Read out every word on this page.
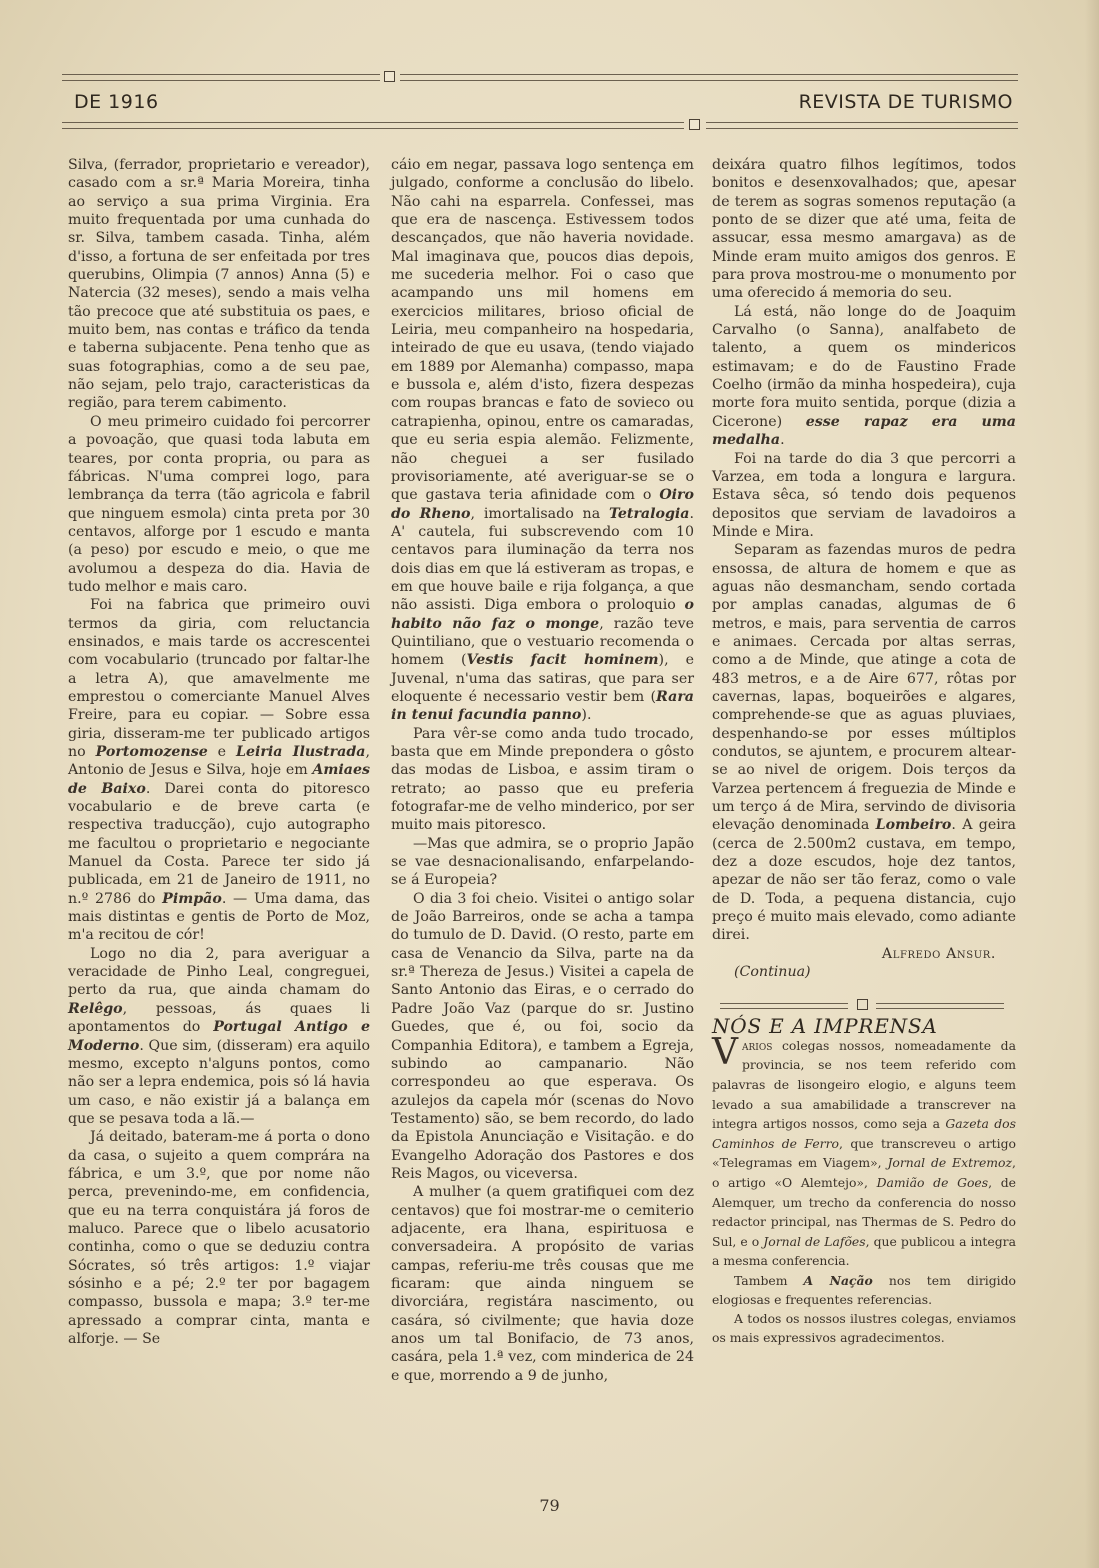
DE 1916	REVISTA DE TURISMO

Silva, (ferrador, proprietario e vereador), casado com a sr.ª Maria Moreira, tinha ao serviço a sua prima Virginia. Era muito frequentada por uma cunhada do sr. Silva, tambem casada. Tinha, além d'isso, a fortuna de ser enfeitada por tres querubins, Olimpia (7 annos) Anna (5) e Natercia (32 meses), sendo a mais velha tão precoce que até substituia os paes, e muito bem, nas contas e tráfico da tenda e taberna subjacente. Pena tenho que as suas fotographias, como a de seu pae, não sejam, pelo trajo, caracteristicas da região, para terem cabimento.

O meu primeiro cuidado foi percorrer a povoação, que quasi toda labuta em teares, por conta propria, ou para as fábricas. N'uma comprei logo, para lembrança da terra (tão agricola e fabril que ninguem esmola) cinta preta por 30 centavos, alforge por 1 escudo e manta (a peso) por escudo e meio, o que me avolumou a despeza do dia. Havia de tudo melhor e mais caro.

Foi na fabrica que primeiro ouvi termos da giria, com reluctancia ensinados, e mais tarde os accrescentei com vocabulario (truncado por faltar-lhe a letra A), que amavelmente me emprestou o comerciante Manuel Alves Freire, para eu copiar. — Sobre essa giria, disseram-me ter publicado artigos no Portomozense e Leiria Ilustrada, Antonio de Jesus e Silva, hoje em Amiaes de Baixo. Darei conta do pitoresco vocabulario e de breve carta (e respectiva traducção), cujo autographo me facultou o proprietario e negociante Manuel da Costa. Parece ter sido já publicada, em 21 de Janeiro de 1911, no n.º 2786 do Pimpão. — Uma dama, das mais distintas e gentis de Porto de Moz, m'a recitou de cór!

Logo no dia 2, para averiguar a veracidade de Pinho Leal, congreguei, perto da rua, que ainda chamam do Relêgo, pessoas, ás quaes li apontamentos do Portugal Antigo e Moderno. Que sim, (disseram) era aquilo mesmo, excepto n'alguns pontos, como não ser a lepra endemica, pois só lá havia um caso, e não existir já a balança em que se pesava toda a lã.—

Já deitado, bateram-me á porta o dono da casa, o sujeito a quem comprára na fábrica, e um 3.º, que por nome não perca, prevenindo-me, em confidencia, que eu na terra conquistára já foros de maluco. Parece que o libelo acusatorio continha, como o que se deduziu contra Sócrates, só três artigos: 1.º viajar sósinho e a pé; 2.º ter por bagagem compasso, bussola e mapa; 3.º ter-me apressado a comprar cinta, manta e alforje. — Se

cáio em negar, passava logo sentença em julgado, conforme a conclusão do libelo. Não cahi na esparrela. Confessei, mas que era de nascença. Estivessem todos descançados, que não haveria novidade. Mal imaginava que, poucos dias depois, me sucederia melhor. Foi o caso que acampando uns mil homens em exercicios militares, brioso oficial de Leiria, meu companheiro na hospedaria, inteirado de que eu usava, (tendo viajado em 1889 por Alemanha) compasso, mapa e bussola e, além d'isto, fizera despezas com roupas brancas e fato de sovieco ou catrapienha, opinou, entre os camaradas, que eu seria espia alemão. Felizmente, não cheguei a ser fusilado provisoriamente, até averiguar-se se o que gastava teria afinidade com o Oiro do Rheno, imortalisado na Tetralogia. A' cautela, fui subscrevendo com 10 centavos para iluminação da terra nos dois dias em que lá estiveram as tropas, e em que houve baile e rija folgança, a que não assisti. Diga embora o proloquio o habito não faz o monge, razão teve Quintiliano, que o vestuario recomenda o homem (Vestis facit hominem), e Juvenal, n'uma das satiras, que para ser eloquente é necessario vestir bem (Rara in tenui facundia panno).

Para vêr-se como anda tudo trocado, basta que em Minde prepondera o gôsto das modas de Lisboa, e assim tiram o retrato; ao passo que eu preferia fotografar-me de velho minderico, por ser muito mais pitoresco.

—Mas que admira, se o proprio Japão se vae desnacionalisando, enfarpelando-se á Europeia?

O dia 3 foi cheio. Visitei o antigo solar de João Barreiros, onde se acha a tampa do tumulo de D. David. (O resto, parte em casa de Venancio da Silva, parte na da sr.ª Thereza de Jesus.) Visitei a capela de Santo Antonio das Eiras, e o cerrado do Padre João Vaz (parque do sr. Justino Guedes, que é, ou foi, socio da Companhia Editora), e tambem a Egreja, subindo ao campanario. Não correspondeu ao que esperava. Os azulejos da capela mór (scenas do Novo Testamento) são, se bem recordo, do lado da Epistola Anunciação e Visitação. e do Evangelho Adoração dos Pastores e dos Reis Magos, ou viceversa.

A mulher (a quem gratifiquei com dez centavos) que foi mostrar-me o cemiterio adjacente, era lhana, espirituosa e conversadeira. A propósito de varias campas, referiu-me três cousas que me ficaram: que ainda ninguem se divorciára, registára nascimento, ou casára, só civilmente; que havia doze anos um tal Bonifacio, de 73 anos, casára, pela 1.ª vez, com minderica de 24 e que, morrendo a 9 de junho,

deixára quatro filhos legítimos, todos bonitos e desenxovalhados; que, apesar de terem as sogras somenos reputação (a ponto de se dizer que até uma, feita de assucar, essa mesmo amargava) as de Minde eram muito amigos dos genros. E para prova mostrou-me o monumento por uma oferecido á memoria do seu.

Lá está, não longe do de Joaquim Carvalho (o Sanna), analfabeto de talento, a quem os mindericos estimavam; e do de Faustino Frade Coelho (irmão da minha hospedeira), cuja morte fora muito sentida, porque (dizia a Cicerone) esse rapaz era uma medalha.

Foi na tarde do dia 3 que percorri a Varzea, em toda a longura e largura. Estava sêca, só tendo dois pequenos depositos que serviam de lavadoiros a Minde e Mira.

Separam as fazendas muros de pedra ensossa, de altura de homem e que as aguas não desmancham, sendo cortada por amplas canadas, algumas de 6 metros, e mais, para serventia de carros e animaes. Cercada por altas serras, como a de Minde, que atinge a cota de 483 metros, e a de Aire 677, rôtas por cavernas, lapas, boqueirões e algares, comprehende-se que as aguas pluviaes, despenhando-se por esses múltiplos condutos, se ajuntem, e procurem altear-se ao nivel de origem. Dois terços da Varzea pertencem á freguezia de Minde e um terço á de Mira, servindo de divisoria elevação denominada Lombeiro. A geira (cerca de 2.500m2 custava, em tempo, dez a doze escudos, hoje dez tantos, apezar de não ser tão feraz, como o vale de D. Toda, a pequena distancia, cujo preço é muito mais elevado, como adiante direi.

Alfredo Ansur.

(Continua)

NÓS E A IMPRENSA

Varios colegas nossos, nomeadamente da provincia, se nos teem referido com palavras de lisongeiro elogio, e alguns teem levado a sua amabilidade a transcrever na integra artigos nossos, como seja a Gazeta dos Caminhos de Ferro, que transcreveu o artigo «Telegramas em Viagem», Jornal de Extremoz, o artigo «O Alemtejo», Damião de Goes, de Alemquer, um trecho da conferencia do nosso redactor principal, nas Thermas de S. Pedro do Sul, e o Jornal de Lafões, que publicou a integra a mesma conferencia.

Tambem A Nação nos tem dirigido elogiosas e frequentes referencias.

A todos os nossos ilustres colegas, enviamos os mais expressivos agradecimentos.

79
